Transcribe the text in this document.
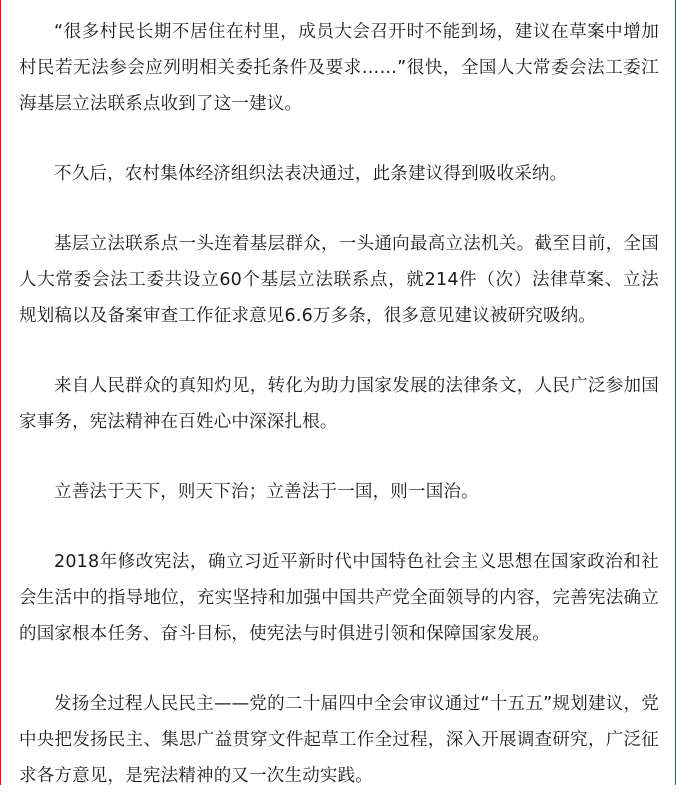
“很多村民长期不居住在村里，成员大会召开时不能到场，建议在草案中增加村民若无法参会应列明相关委托条件及要求……”很快，全国人大常委会法工委江海基层立法联系点收到了这一建议。

不久后，农村集体经济组织法表决通过，此条建议得到吸收采纳。

基层立法联系点一头连着基层群众，一头通向最高立法机关。截至目前，全国人大常委会法工委共设立60个基层立法联系点，就214件（次）法律草案、立法规划稿以及备案审查工作征求意见6.6万多条，很多意见建议被研究吸纳。

来自人民群众的真知灼见，转化为助力国家发展的法律条文，人民广泛参加国家事务，宪法精神在百姓心中深深扎根。

立善法于天下，则天下治；立善法于一国，则一国治。

2018年修改宪法，确立习近平新时代中国特色社会主义思想在国家政治和社会生活中的指导地位，充实坚持和加强中国共产党全面领导的内容，完善宪法确立的国家根本任务、奋斗目标，使宪法与时俱进引领和保障国家发展。

发扬全过程人民民主——党的二十届四中全会审议通过“十五五”规划建议，党中央把发扬民主、集思广益贯穿文件起草工作全过程，深入开展调查研究，广泛征求各方意见，是宪法精神的又一次生动实践。
